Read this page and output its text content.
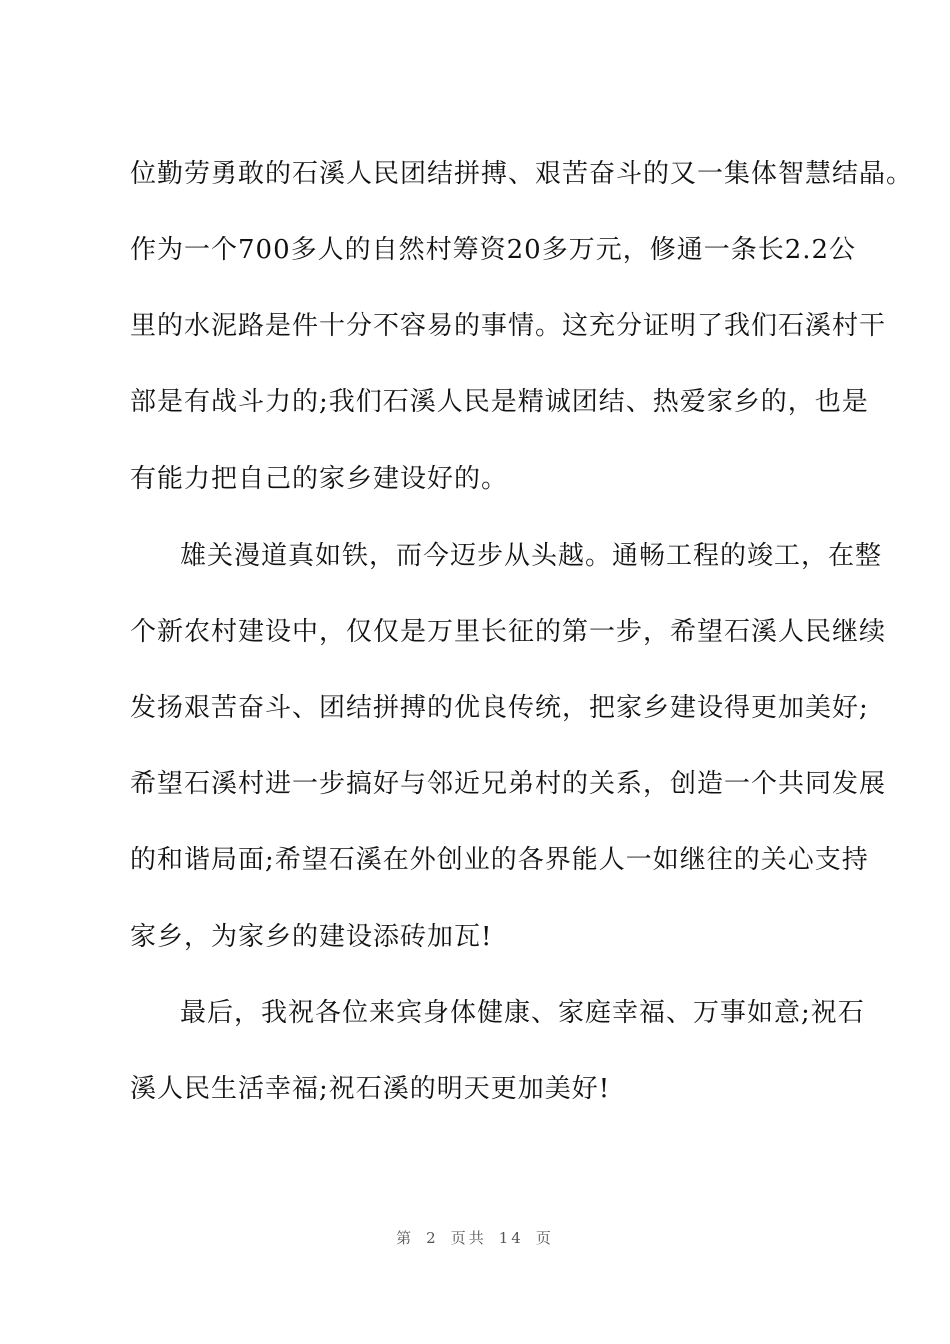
位勤劳勇敢的石溪人民团结拼搏、艰苦奋斗的又一集体智慧结晶。
作为一个700多人的自然村筹资20多万元，修通一条长2.2公
里的水泥路是件十分不容易的事情。这充分证明了我们石溪村干
部是有战斗力的;我们石溪人民是精诚团结、热爱家乡的，也是
有能力把自己的家乡建设好的。
雄关漫道真如铁，而今迈步从头越。通畅工程的竣工，在整
个新农村建设中，仅仅是万里长征的第一步，希望石溪人民继续
发扬艰苦奋斗、团结拼搏的优良传统，把家乡建设得更加美好;
希望石溪村进一步搞好与邻近兄弟村的关系，创造一个共同发展
的和谐局面;希望石溪在外创业的各界能人一如继往的关心支持
家乡，为家乡的建设添砖加瓦!
最后，我祝各位来宾身体健康、家庭幸福、万事如意;祝石
溪人民生活幸福;祝石溪的明天更加美好!
第 2 页共 14 页
